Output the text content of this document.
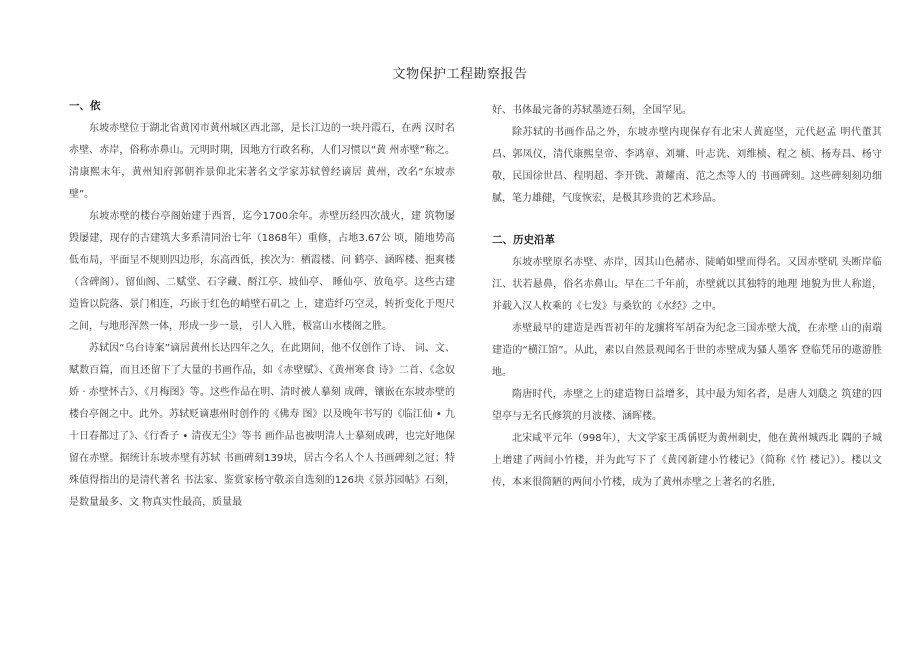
文物保护工程勘察报告
一、依

东坡赤壁位于湖北省黄冈市黄州城区西北部，是长江边的一块丹霞石，在两 汉时名赤壁、赤岸，俗称赤鼻山。元明时期，因地方行政名称，人们习惯以“黄 州赤壁”称之。清康熙末年，黄州知府郭朝祚景仰北宋著名文学家苏轼曾经谪居 黄州，改名“东坡赤壁”。

东坡赤壁的楼台亭阁始建于西晋，迄今1700余年。赤壁历经四次战火，建 筑物屡毁屡建，现存的古建筑大多系清同治七年（1868年）重修，占地3.67公 顷，随地势高低布局，平面呈不规则四边形，东高西低，挨次为：栖霞楼、问 鹤亭、涵晖楼、挹爽楼（含碑阁）、留仙阁、二赋堂、石字藏、酹江亭、坡仙亭、 睡仙亭、放龟亭。这些古建造皆以院落、景门相连，巧嵌于红色的峭壁石矶之 上，建造纤巧空灵，转折变化于咫尺之间，与地形浑然一体，形成一步一景， 引人入胜，极富山水楼阁之胜。

苏轼因“乌台诗案”谪居黄州长达四年之久，在此期间，他不仅创作了诗、 词、文、赋数百篇，而且还留下了大量的书画作品，如《赤壁赋》、《黄州寒食 诗》二首、《念奴娇 · 赤壁怀古》、《月梅图》等。这些作品在明、清时被人摹刻 成碑，镶嵌在东坡赤壁的楼台亭阁之中。此外。苏轼贬谪惠州时创作的《佛寿 图》以及晚年书写的《临江仙 • 九十日春都过了》、《行香子 • 清夜无尘》等书 画作品也被明清人士摹刻成碑，也完好地保留在赤壁。据统计东坡赤壁有苏轼 书画碑刻139块，居古今名人个人书画碑刻之冠；特殊值得指出的是清代著名 书法家、鉴赏家杨守敬亲自选刻的126块《景苏园帖》石刻，是数量最多、文 物真实性最高，质量最

好、书体最完备的苏轼墨迹石刻，全国罕见。

除苏轼的书画作品之外，东坡赤壁内现保存有北宋人黄庭坚，元代赵孟 明代董其昌、郭凤仪，清代康熙皇帝、李鸿章、刘墉、叶志诜、刘维桢、程之 桢、杨寿昌、杨守敬，民国徐世昌、程明超、李开铣、萧耀南、范之杰等人的 书画碑刻。这些碑刻刻功细腻，笔力雄健，气度恢宏，是极其珍贵的艺术珍品。

二、历史沿革

东坡赤壁原名赤壁、赤岸，因其山色赭赤、陡峭如壁而得名。又因赤壁矶 头断岸临江、状若悬鼻，俗名赤鼻山。早在二千年前，赤壁就以其独特的地理 地貌为世人称道，并载入汉人枚乘的《七发》与桑钦的《水经》之中。

赤壁最早的建造是西晋初年的龙骧将军胡奋为纪念三国赤壁大战，在赤壁 山的南端建造的“横江馆”。从此，素以自然景观闻名于世的赤壁成为骚人墨客 登临凭吊的遨游胜地。

隋唐时代，赤壁之上的建造物日益增多，其中最为知名者，是唐人刘瓞之 筑建的四望亭与无名氏修筑的月波楼、涵晖楼。

北宋咸平元年（998年），大文学家王禹偁贬为黄州刺史，他在黄州城西北 隅的子城上增建了两间小竹楼，并为此写下了《黄冈新建小竹楼记》（简称《竹 楼记》）。楼以文传，本来很简陋的两间小竹楼，成为了黄州赤壁之上著名的名胜,
